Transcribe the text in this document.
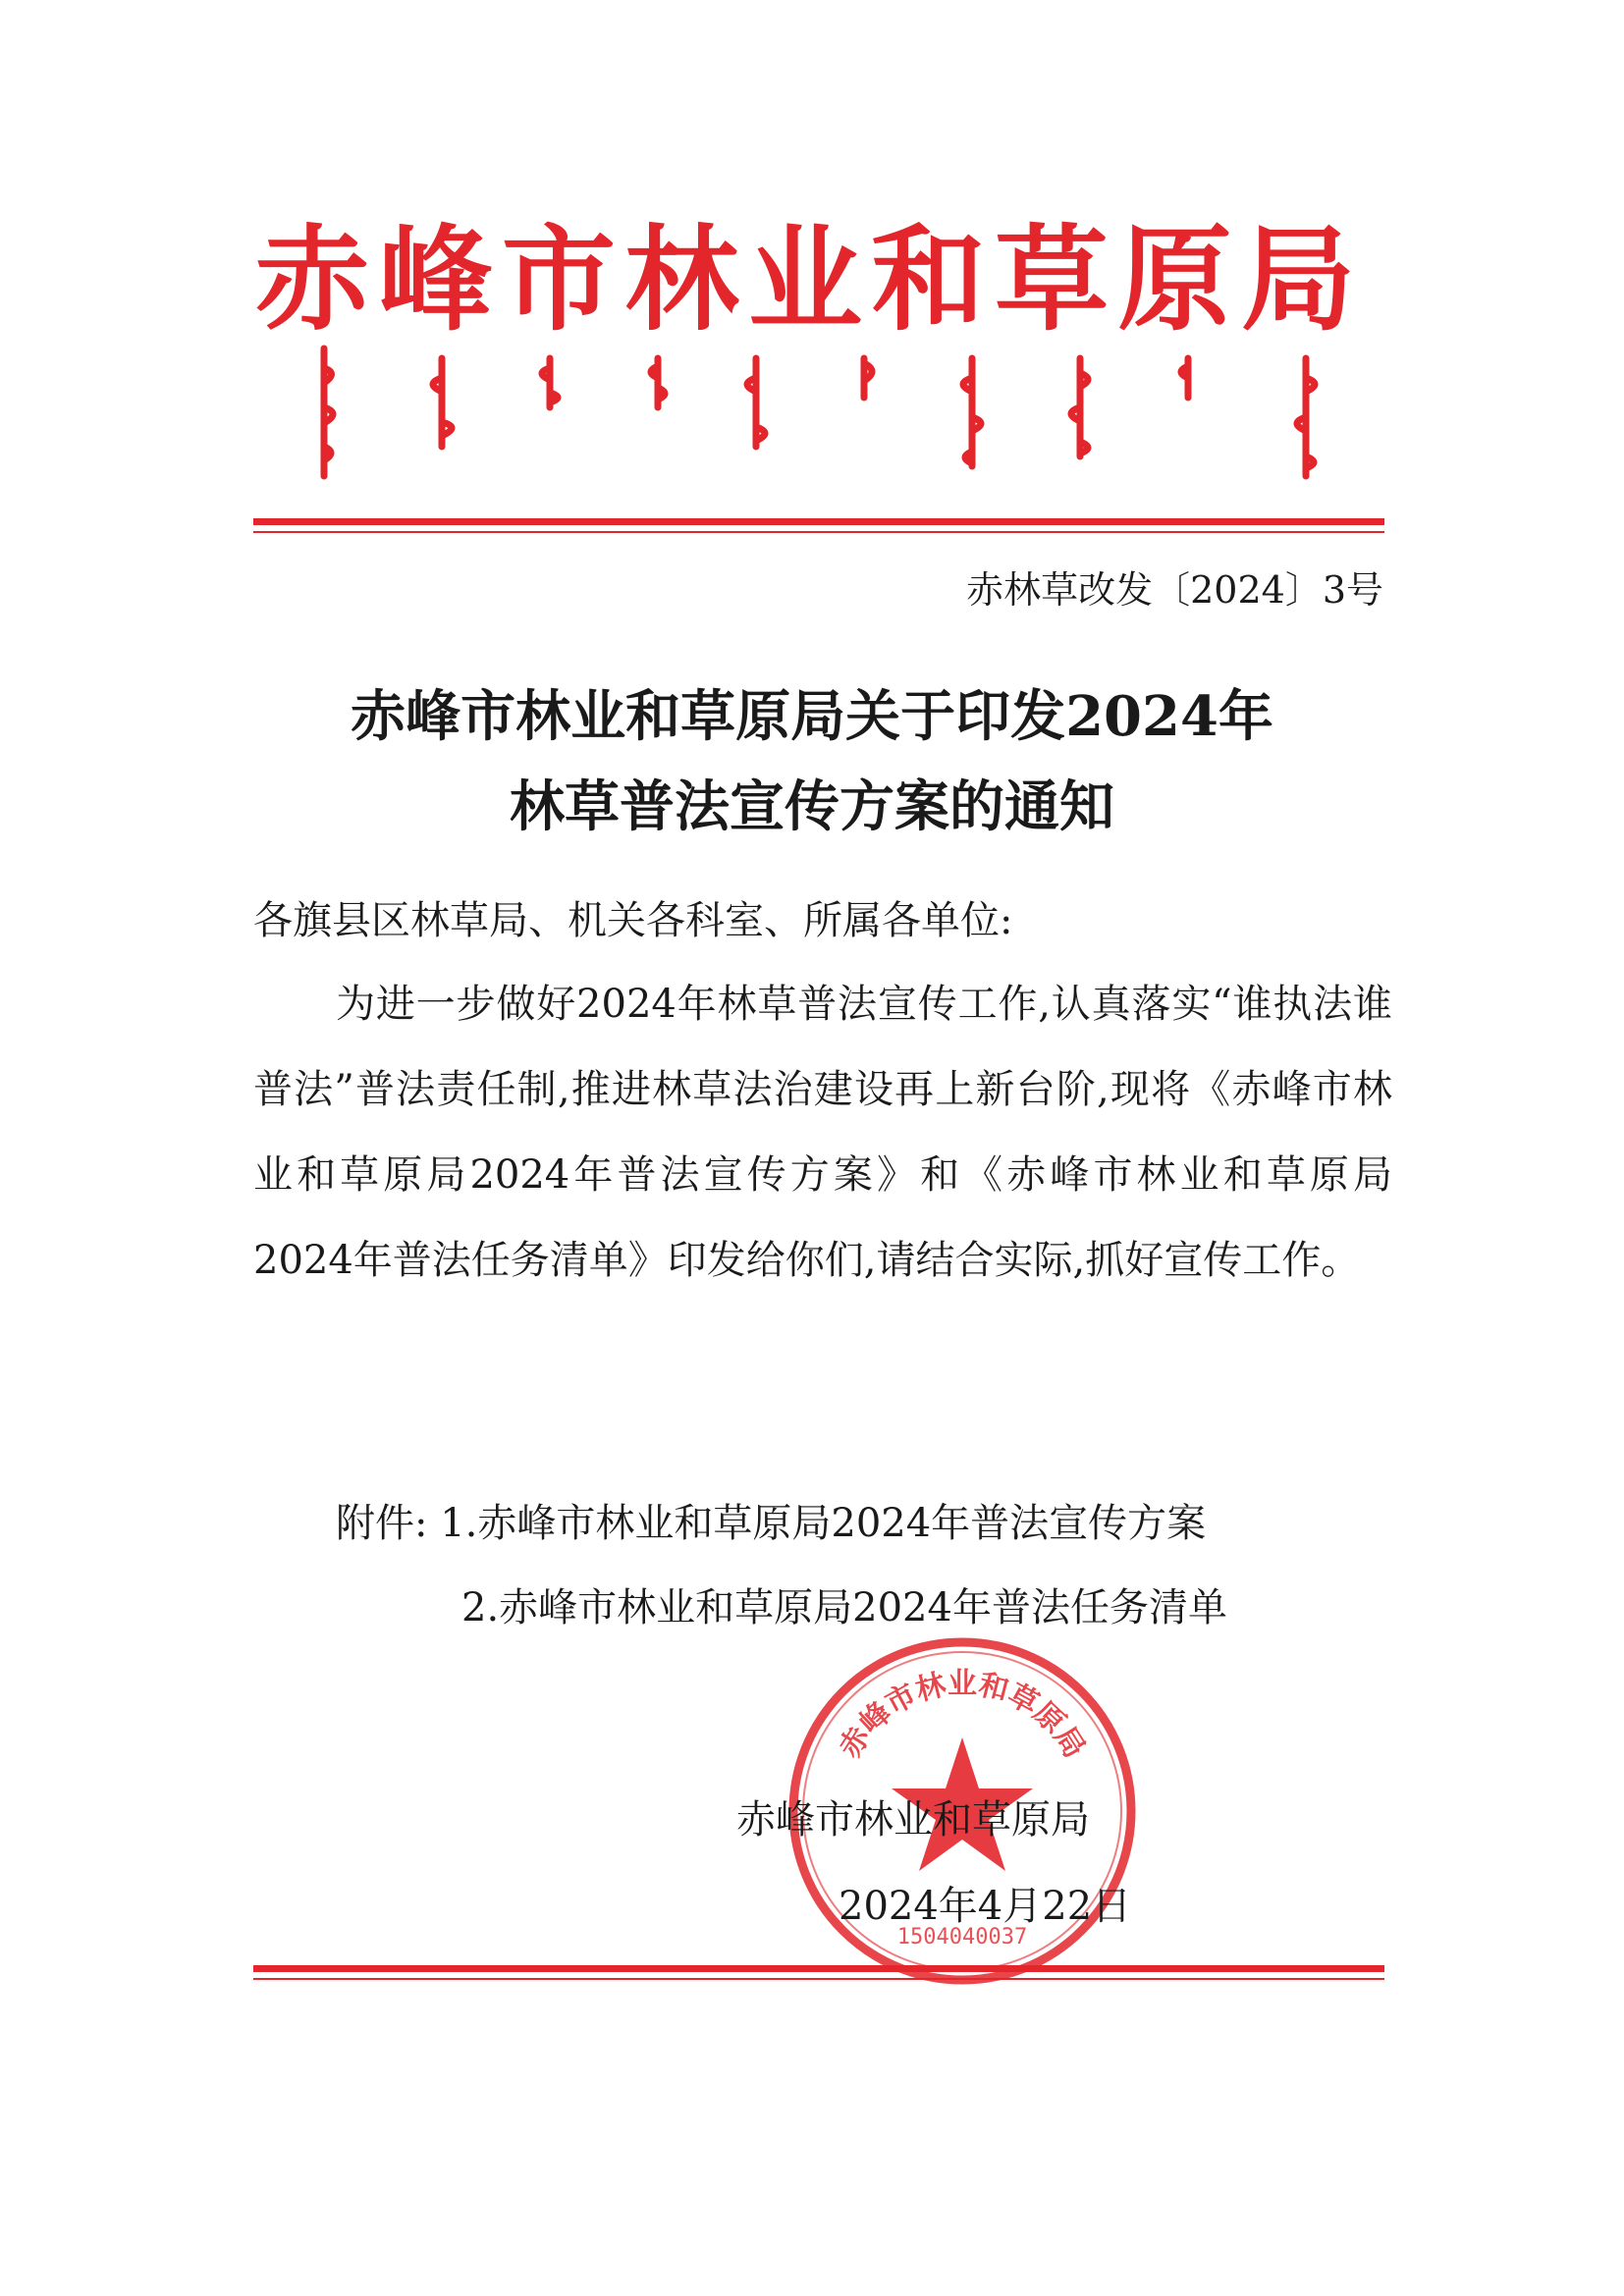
赤 峰 市 林 业 和 草 原 局
赤林草改发〔2024〕3号
赤峰市林业和草原局关于印发2024年
林草普法宣传方案的通知
各旗县区林草局、机关各科室、所属各单位:
为进一步做好2024年林草普法宣传工作,认真落实“谁执法谁普法”普法责任制,推进林草法治建设再上新台阶,现将《赤峰市林业和草原局2024年普法宣传方案》和《赤峰市林业和草原局2024年普法任务清单》印发给你们,请结合实际,抓好宣传工作。
附件: 1.赤峰市林业和草原局2024年普法宣传方案
2.赤峰市林业和草原局2024年普法任务清单
赤峰市林业和草原局
1504040037
赤峰市林业和草原局
2024年4月22日
